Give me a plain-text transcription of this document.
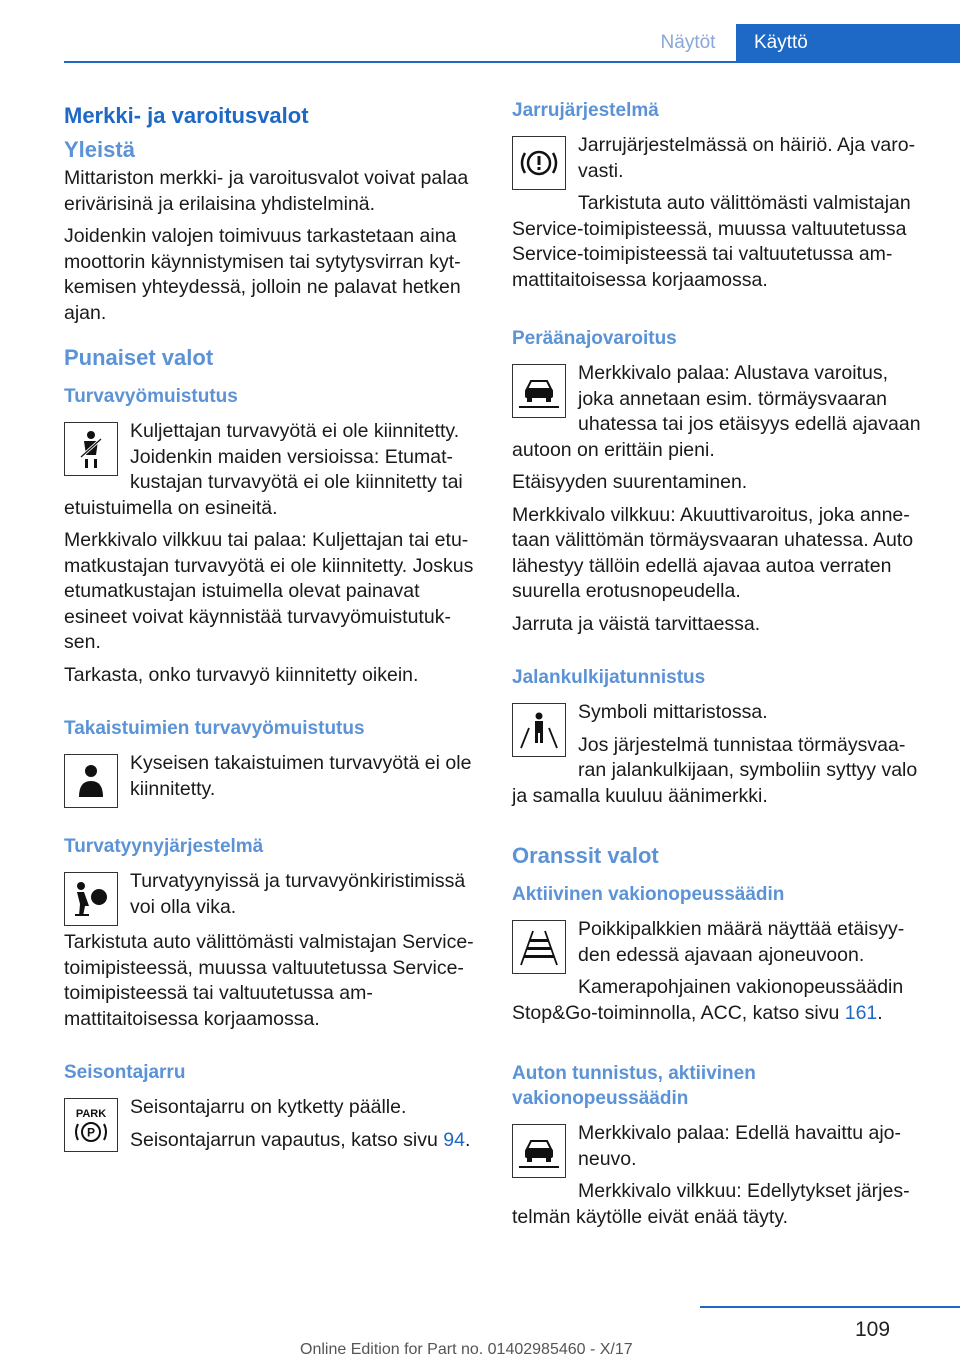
Näytöt	Käyttö
Merkki- ja varoitusvalot
Yleistä

Mittariston merkki- ja varoitusvalot voivat palaa erivärisinä ja erilaisina yhdistelminä.

Joidenkin valojen toimivuus tarkastetaan aina moottorin käynnistymisen tai sytytysvirran kytkemisen yhteydessä, jolloin ne palavat hetken ajan.

Punaiset valot
Turvavyömuistutus

Kuljettajan turvavyötä ei ole kiinnitetty. Joidenkin maiden versioissa: Etumatkustajan turvavyötä ei ole kiinnitetty tai etuistuimella on esineitä.

Merkkivalo vilkkuu tai palaa: Kuljettajan tai etumatkustajan turvavyötä ei ole kiinnitetty. Joskus etumatkustajan istuimella olevat painavat esineet voivat käynnistää turvavyömuistutuksen.

Tarkasta, onko turvavyö kiinnitetty oikein.

Takaistuimien turvavyömuistutus

Kyseisen takaistuimen turvavyötä ei ole kiinnitetty.

Turvatyynyjärjestelmä

Turvatyynyissä ja turvavyönkiristimissä voi olla vika.

Tarkistuta auto välittömästi valmistajan Service-toimipisteessä, muussa valtuutetussa Service-toimipisteessä tai valtuutetussa ammattitaitoisessa korjaamossa.

Seisontajarru
PARK
P

Seisontajarru on kytketty päälle.

Seisontajarrun vapautus, katso sivu 94.

Jarrujärjestelmä

Jarrujärjestelmässä on häiriö. Aja varovasti.

Tarkistuta auto välittömästi valmistajan Service-toimipisteessä, muussa valtuutetussa Service-toimipisteessä tai valtuutetussa ammattitaitoisessa korjaamossa.

Peräänajovaroitus

Merkkivalo palaa: Alustava varoitus, joka annetaan esim. törmäysvaaran uhatessa tai jos etäisyys edellä ajavaan autoon on erittäin pieni.

Etäisyyden suurentaminen.

Merkkivalo vilkkuu: Akuuttivaroitus, joka annetaan välittömän törmäysvaaran uhatessa. Auto lähestyy tällöin edellä ajavaa autoa verraten suurella erotusnopeudella.

Jarruta ja väistä tarvittaessa.

Jalankulkijatunnistus

Symboli mittaristossa.

Jos järjestelmä tunnistaa törmäysvaaran jalankulkijaan, symboliin syttyy valo ja samalla kuuluu äänimerkki.

Oranssit valot
Aktiivinen vakionopeussäädin

Poikkipalkkien määrä näyttää etäisyyden edessä ajavaan ajoneuvoon.

Kamerapohjainen vakionopeussäädin Stop&Go-toiminnolla, ACC, katso sivu 161.

Auton tunnistus, aktiivinen vakionopeussäädin

Merkkivalo palaa: Edellä havaittu ajoneuvo.

Merkkivalo vilkkuu: Edellytykset järjestelmän käytölle eivät enää täyty.

109
Online Edition for Part no. 01402985460 - X/17
